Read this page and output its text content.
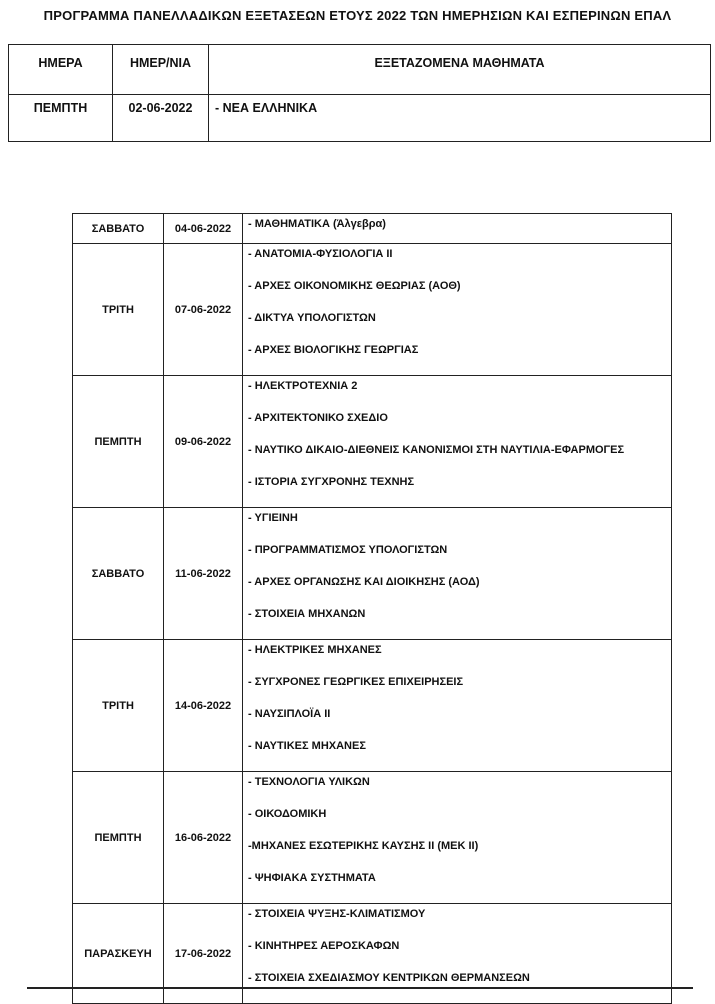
ΠΡΟΓΡΑΜΜΑ ΠΑΝΕΛΛΑΔΙΚΩΝ ΕΞΕΤΑΣΕΩΝ ΕΤΟΥΣ 2022 ΤΩΝ ΗΜΕΡΗΣΙΩΝ ΚΑΙ ΕΣΠΕΡΙΝΩΝ ΕΠΑΛ
ΗΜΕΡΑ	ΗΜΕΡ/ΝΙΑ	ΕΞΕΤΑΖΟΜΕΝΑ ΜΑΘΗΜΑΤΑ
ΠΕΜΠΤΗ	02-06-2022	- ΝΕΑ ΕΛΛΗΝΙΚΑ
ΣΑΒΒΑΤΟ	04-06-2022	- ΜΑΘΗΜΑΤΙΚΑ (Άλγεβρα)

ΤΡΙΤΗ	07-06-2022	- ΑΝΑΤΟΜΙΑ-ΦΥΣΙΟΛΟΓΙΑ II
- ΑΡΧΕΣ ΟΙΚΟΝΟΜΙΚΗΣ ΘΕΩΡΙΑΣ (ΑΟΘ)
- ΔΙΚΤΥΑ ΥΠΟΛΟΓΙΣΤΩΝ
- ΑΡΧΕΣ ΒΙΟΛΟΓΙΚΗΣ ΓΕΩΡΓΙΑΣ

ΠΕΜΠΤΗ	09-06-2022	- ΗΛΕΚΤΡΟΤΕΧΝΙΑ 2
- ΑΡΧΙΤΕΚΤΟΝΙΚΟ ΣΧΕΔΙΟ
- ΝΑΥΤΙΚΟ ΔΙΚΑΙΟ-ΔΙΕΘΝΕΙΣ ΚΑΝΟΝΙΣΜΟΙ ΣΤΗ ΝΑΥΤΙΛΙΑ-ΕΦΑΡΜΟΓΕΣ
- ΙΣΤΟΡΙΑ ΣΥΓΧΡΟΝΗΣ ΤΕΧΝΗΣ

ΣΑΒΒΑΤΟ	11-06-2022	- ΥΓΙΕΙΝΗ
- ΠΡΟΓΡΑΜΜΑΤΙΣΜΟΣ ΥΠΟΛΟΓΙΣΤΩΝ
- ΑΡΧΕΣ ΟΡΓΑΝΩΣΗΣ ΚΑΙ ΔΙΟΙΚΗΣΗΣ (ΑΟΔ)
- ΣΤΟΙΧΕΙΑ ΜΗΧΑΝΩΝ

ΤΡΙΤΗ	14-06-2022	- ΗΛΕΚΤΡΙΚΕΣ ΜΗΧΑΝΕΣ
- ΣΥΓΧΡΟΝΕΣ ΓΕΩΡΓΙΚΕΣ ΕΠΙΧΕΙΡΗΣΕΙΣ
- ΝΑΥΣΙΠΛΟΪΑ II
- ΝΑΥΤΙΚΕΣ ΜΗΧΑΝΕΣ

ΠΕΜΠΤΗ	16-06-2022	- ΤΕΧΝΟΛΟΓΙΑ ΥΛΙΚΩΝ
- ΟΙΚΟΔΟΜΙΚΗ
-ΜΗΧΑΝΕΣ ΕΣΩΤΕΡΙΚΗΣ ΚΑΥΣΗΣ II (ΜΕΚ II)
- ΨΗΦΙΑΚΑ ΣΥΣΤΗΜΑΤΑ

ΠΑΡΑΣΚΕΥΗ	17-06-2022	- ΣΤΟΙΧΕΙΑ ΨΥΞΗΣ-ΚΛΙΜΑΤΙΣΜΟΥ
- ΚΙΝΗΤΗΡΕΣ ΑΕΡΟΣΚΑΦΩΝ
- ΣΤΟΙΧΕΙΑ ΣΧΕΔΙΑΣΜΟΥ ΚΕΝΤΡΙΚΩΝ ΘΕΡΜΑΝΣΕΩΝ
